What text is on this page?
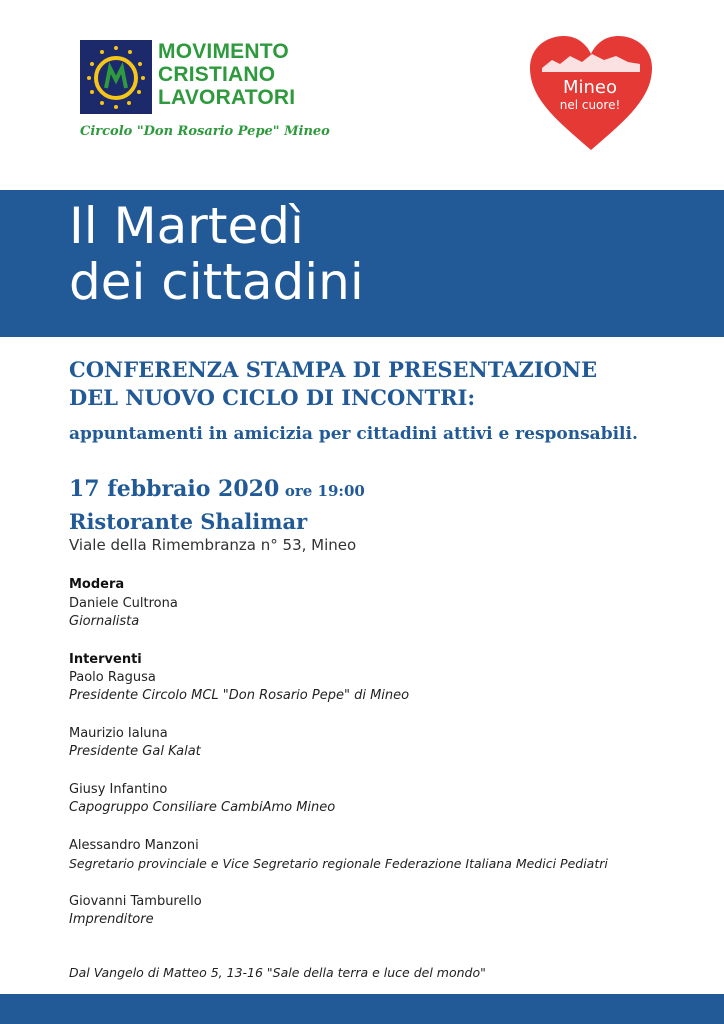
MOVIMENTO
CRISTIANO
LAVORATORI
Circolo "Don Rosario Pepe" Mineo
Mineo
nel cuore!
Il Martedì
dei cittadini
CONFERENZA STAMPA DI PRESENTAZIONE
DEL NUOVO CICLO DI INCONTRI:
appuntamenti in amicizia per cittadini attivi e responsabili.
17 febbraio 2020 ore 19:00
Ristorante Shalimar
Viale della Rimembranza n° 53, Mineo
Modera
Daniele Cultrona
Giornalista
Interventi
Paolo Ragusa
Presidente Circolo MCL "Don Rosario Pepe" di Mineo
Maurizio Ialuna
Presidente Gal Kalat
Giusy Infantino
Capogruppo Consiliare CambiAmo Mineo
Alessandro Manzoni
Segretario provinciale e Vice Segretario regionale Federazione Italiana Medici Pediatri
Giovanni Tamburello
Imprenditore
Dal Vangelo di Matteo 5, 13-16 "Sale della terra e luce del mondo"
